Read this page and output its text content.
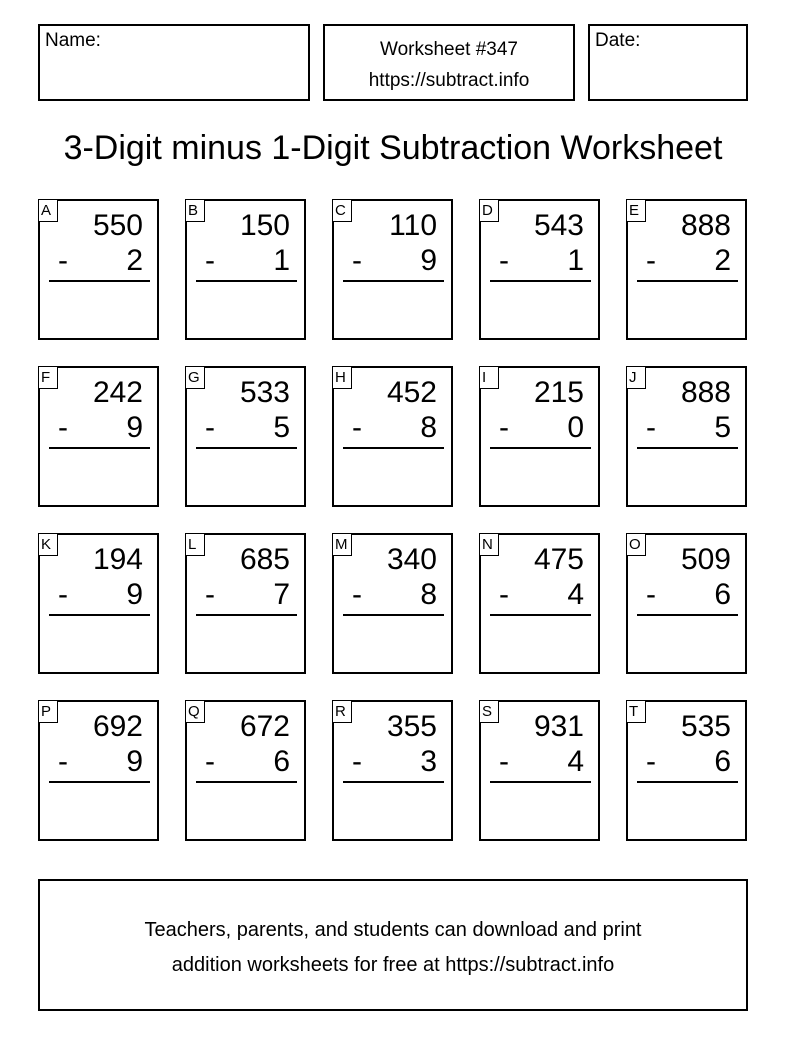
Name:	Worksheet #347
https://subtract.info
Date:
3-Digit minus 1-Digit Subtraction Worksheet
A 550
- 2
B 150
- 1
C 110
- 9
D 543
- 1
E 888
- 2
F 242
- 9
G 533
- 5
H 452
- 8
I	215
- 0
J	888
- 5
K 194
- 9
L 685
- 7
M 340
- 8
N 475
- 4
O 509
- 6
P 692
- 9
Q 672
- 6
R 355
- 3
S 931
- 4
T 535
- 6
Teachers, parents, and students can download and print
addition worksheets for free at https://subtract.info
